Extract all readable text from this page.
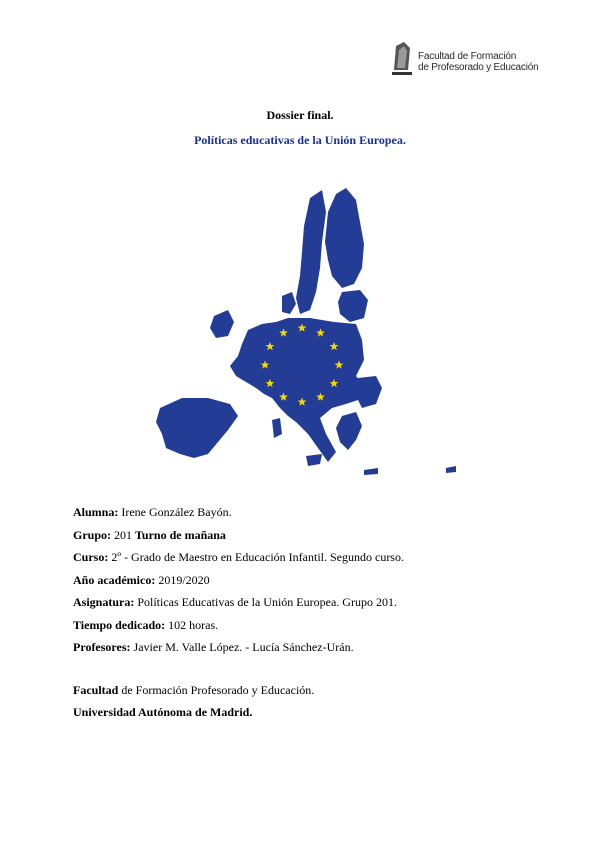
Facultad de Formación
de Profesorado y Educación

Dossier final.

Políticas educativas de la Unión Europea.

Alumna: Irene González Bayón.
Grupo: 201 Turno de mañana
Curso: 2º - Grado de Maestro en Educación Infantil. Segundo curso.
Año académico: 2019/2020
Asignatura: Políticas Educativas de la Unión Europea. Grupo 201.
Tiempo dedicado: 102 horas.
Profesores: Javier M. Valle López. - Lucía Sánchez-Urán.
Facultad de Formación Profesorado y Educación.
Universidad Autónoma de Madrid.
